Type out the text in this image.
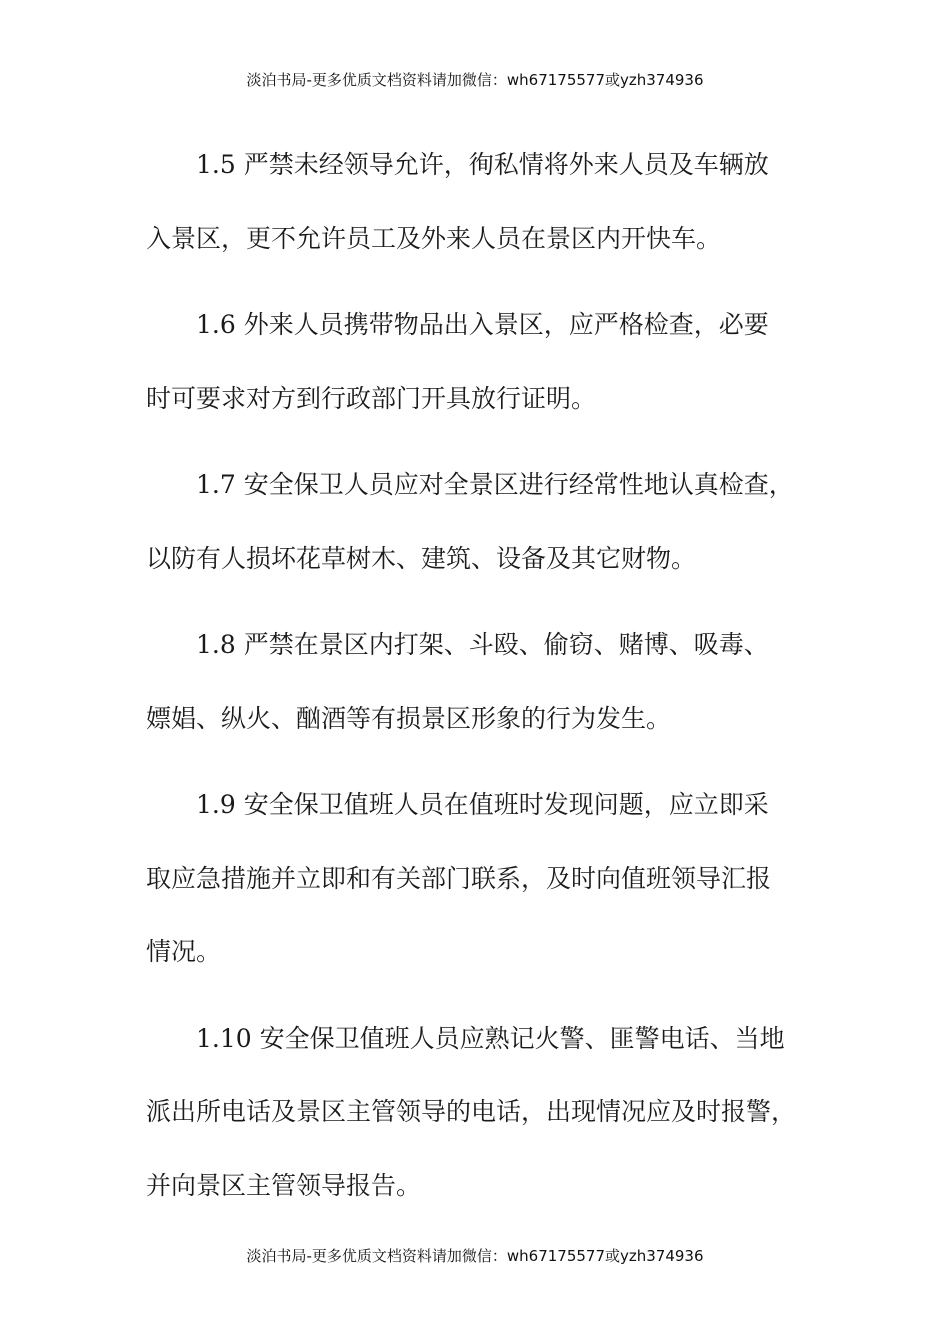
淡泊书局-更多优质文档资料请加微信：wh67175577或yzh374936

1.5 严禁未经领导允许，徇私情将外来人员及车辆放
入景区，更不允许员工及外来人员在景区内开快车。

1.6 外来人员携带物品出入景区，应严格检查，必要
时可要求对方到行政部门开具放行证明。

1.7 安全保卫人员应对全景区进行经常性地认真检查，
以防有人损坏花草树木、建筑、设备及其它财物。

1.8 严禁在景区内打架、斗殴、偷窃、赌博、吸毒、
嫖娼、纵火、酗酒等有损景区形象的行为发生。

1.9 安全保卫值班人员在值班时发现问题，应立即采
取应急措施并立即和有关部门联系，及时向值班领导汇报
情况。

1.10 安全保卫值班人员应熟记火警、匪警电话、当地
派出所电话及景区主管领导的电话，出现情况应及时报警，
并向景区主管领导报告。

淡泊书局-更多优质文档资料请加微信：wh67175577或yzh374936
